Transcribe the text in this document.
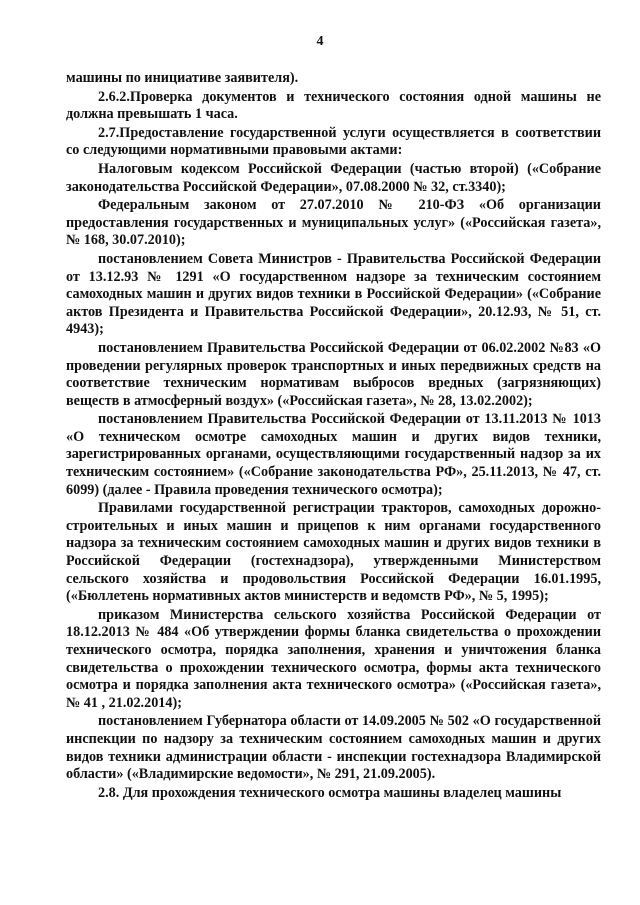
4

машины по инициативе заявителя).

2.6.2.Проверка документов и технического состояния одной машины не должна превышать 1 часа.

2.7.Предоставление государственной услуги осуществляется в соответствии со следующими нормативными правовыми актами:

Налоговым кодексом Российской Федерации (частью второй) («Собрание законодательства Российской Федерации», 07.08.2000 № 32, ст.3340);

Федеральным законом от 27.07.2010 № 210-ФЗ «Об организации предоставления государственных и муниципальных услуг» («Российская газета», № 168, 30.07.2010);

постановлением Совета Министров - Правительства Российской Федерации от 13.12.93 № 1291 «О государственном надзоре за техническим состоянием самоходных машин и других видов техники в Российской Федерации» («Собрание актов Президента и Правительства Российской Федерации», 20.12.93, № 51, ст. 4943);

постановлением Правительства Российской Федерации от 06.02.2002 №83 «О проведении регулярных проверок транспортных и иных передвижных средств на соответствие техническим нормативам выбросов вредных (загрязняющих) веществ в атмосферный воздух» («Российская газета», № 28, 13.02.2002);

постановлением Правительства Российской Федерации от 13.11.2013 № 1013 «О техническом осмотре самоходных машин и других видов техники, зарегистрированных органами, осуществляющими государственный надзор за их техническим состоянием» («Собрание законодательства РФ», 25.11.2013, № 47, ст. 6099) (далее - Правила проведения технического осмотра);

Правилами государственной регистрации тракторов, самоходных дорожно-строительных и иных машин и прицепов к ним органами государственного надзора за техническим состоянием самоходных машин и других видов техники в Российской Федерации (гостехнадзора), утвержденными Министерством сельского хозяйства и продовольствия Российской Федерации 16.01.1995, («Бюллетень нормативных актов министерств и ведомств РФ», № 5, 1995);

приказом Министерства сельского хозяйства Российской Федерации от 18.12.2013 № 484 «Об утверждении формы бланка свидетельства о прохождении технического осмотра, порядка заполнения, хранения и уничтожения бланка свидетельства о прохождении технического осмотра, формы акта технического осмотра и порядка заполнения акта технического осмотра» («Российская газета», № 41 , 21.02.2014);

постановлением Губернатора области от 14.09.2005 № 502 «О государственной инспекции по надзору за техническим состоянием самоходных машин и других видов техники администрации области - инспекции гостехнадзора Владимирской области» («Владимирские ведомости», № 291, 21.09.2005).

2.8. Для прохождения технического осмотра машины владелец машины
